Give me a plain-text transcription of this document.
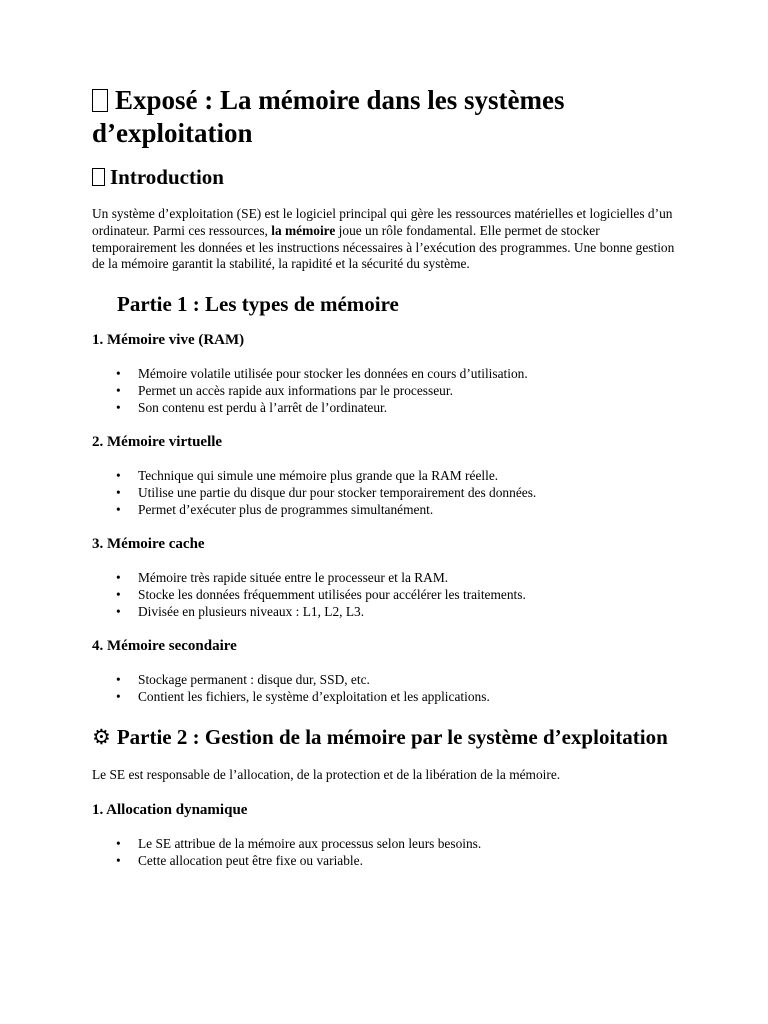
Exposé : La mémoire dans les systèmes d’exploitation
Introduction

Un système d’exploitation (SE) est le logiciel principal qui gère les ressources matérielles et logicielles d’un ordinateur. Parmi ces ressources, la mémoire joue un rôle fondamental. Elle permet de stocker temporairement les données et les instructions nécessaires à l’exécution des programmes. Une bonne gestion de la mémoire garantit la stabilité, la rapidité et la sécurité du système.

Partie 1 : Les types de mémoire
1. Mémoire vive (RAM)
• Mémoire volatile utilisée pour stocker les données en cours d’utilisation.
• Permet un accès rapide aux informations par le processeur.
• Son contenu est perdu à l’arrêt de l’ordinateur.
2. Mémoire virtuelle
• Technique qui simule une mémoire plus grande que la RAM réelle.
• Utilise une partie du disque dur pour stocker temporairement des données.
• Permet d’exécuter plus de programmes simultanément.
3. Mémoire cache
• Mémoire très rapide située entre le processeur et la RAM.
• Stocke les données fréquemment utilisées pour accélérer les traitements.
• Divisée en plusieurs niveaux : L1, L2, L3.
4. Mémoire secondaire
• Stockage permanent : disque dur, SSD, etc.
• Contient les fichiers, le système d’exploitation et les applications.
⚙ Partie 2 : Gestion de la mémoire par le système d’exploitation

Le SE est responsable de l’allocation, de la protection et de la libération de la mémoire.

1. Allocation dynamique
• Le SE attribue de la mémoire aux processus selon leurs besoins.
• Cette allocation peut être fixe ou variable.
